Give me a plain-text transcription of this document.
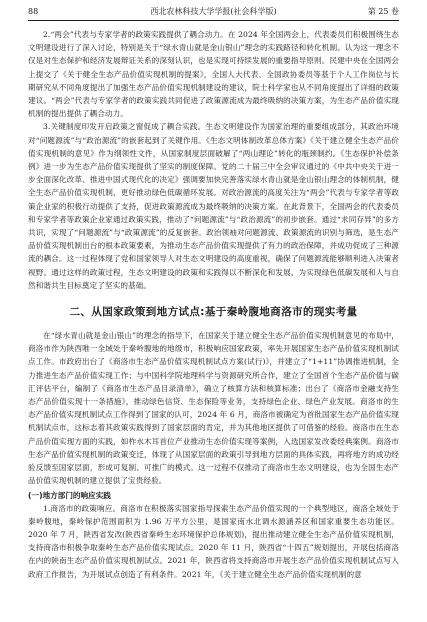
88	西北农林科技大学学报(社会科学版)	第 25 卷

2.“两会”代表与专家学者的政策实践提供了耦合动力。在 2024 年全国两会上，代表委员们积极围绕生态文明建设进行了深入讨论，特别是关于“绿水青山就是金山银山”理念的实践路径和转化机制。认为这一理念不仅是对生态保护和经济发展辩证关系的深刻认识，也是实现可持续发展的重要指导原则。民建中央在全国两会上提交了《关于健全生态产品价值实现机制的提案》，全国人大代表、全国政协委员等基于个人工作岗位与长期研究从不同角度提出了加强生态产品价值实现机制建设的建议，院士科学家也从不同角度提出了详细的政策建议。“两会”代表与专家学者的政策实践共同促进了政策源流成为最终吸纳的决策方案，为生态产品价值实现机制的提出提供了耦合动力。

3.关键制度印发开启政策之窗促成了耦合实践。生态文明建设作为国家治理的重要组成部分，其政治环境对“问题源流”与“政治源流”的嵌套起到了关键作用。《生态文明体制改革总体方案》《关于建立健全生态产品价值实现机制的意见》作为纲领性文件，从国家制度层面破解了“两山理论”转化的瓶颈制约。《生态保护补偿条例》进一步为生态产品价值实现提供了坚实的制度保障。党的二十届三中全会审议通过的《中共中央关于进一步全面深化改革、推进中国式现代化的决定》强调要加快完善落实绿水青山就是金山银山理念的体制机制，健全生态产品价值实现机制，更好推动绿色低碳循环发展。对政治源流的高度关注为“两会”代表与专家学者等政策企业家的积极行动提供了支持，促进政策源流成为最终吸纳的决策方案。在此背景下，全国两会的代表委员和专家学者等政策企业家通过政策实践，推动了“问题源流”与“政治源流”的初步嵌套。通过“求同存异”的多方共识，实现了“问题源流”与“政策源流”的反复嵌套。政治领袖对问题源流、政策源流的识别与筛选，是生态产品价值实现机制出台的根本政策要素，为推动生态产品价值实现提供了有力的政治保障，并成功促成了三种源流的耦合。这一过程体现了党和国家领导人对生态文明建设的高度重视，确保了问题源流能够顺利进入决策者视野。通过这样的政策过程，生态文明建设的政策和实践得以不断深化和发展，为实现绿色低碳发展和人与自然和谐共生目标奠定了坚实的基础。

二、从国家政策到地方试点:基于秦岭腹地商洛市的现实考量

在“绿水青山就是金山银山”的理念的指导下，在国家关于建立健全生态产品价值实现机制意见的布局中，商洛市作为陕西唯一全域处于秦岭腹地的地级市，积极响应国家政策，率先开展国家生态产品价值实现机制试点工作。市政府出台了《商洛市生态产品价值实现机制试点方案(试行)》，并建立了“1+11”协调推进机制，全力推进生态产品价值实现工作；与中国科学院地理科学与资源研究所合作，建立了全国首个生态产品价值与碳汇评估平台，编制了《商洛市生态产品目录清单》，确立了核算方法和核算标准；出台了《商洛市金融支持生态产品价值实现十一条措施》，推动绿色信贷、生态保险等业务，支持绿色企业、绿色产业发展。商洛市的生态产品价值实现机制试点工作得到了国家的认可，2024 年 6 月，商洛市被确定为首批国家生态产品价值实现机制试点市，这标志着其政策实践得到了国家层面的肯定，并为其他地区提供了可借鉴的经验。商洛市在生态产品价值实现方面的实践，如柞水木耳首位产业推动生态价值实现等案例，入选国家发改委经典案例。商洛市生态产品价值实现机制的政策变迁，体现了从国家层面的政策引导到地方层面的具体实践，再将地方的成功经验反馈至国家层面，形成可复制、可推广的模式。这一过程不仅推动了商洛市生态文明建设，也为全国生态产品价值实现机制的建立提供了宝贵经验。

(一)地方部门的响应实践

1.商洛市的政策响应。商洛市在积极落实国家指导探索生态产品价值实现的一个典型地区，商洛全域处于秦岭腹地，秦岭保护范围面积为 1.96 万平方公里，是国家南水北调水源涵养区和国家重要生态功能区。2020 年 7 月，陕西省发改(陕西省秦岭生态环境保护总体规划)，提出推动建立健全生态产品价值实现机制，支持商洛市积极争取秦岭生态产品价值实现试点。2020 年 11 月，陕西省“十四五”规划提出，开展包括商洛在内的陕南生态产品价值实现机制试点。2021 年，陕西省将支持商洛市开展生态产品价值实现机制试点写入政府工作报告，为开展试点创造了有利条件。2021 年，《关于建立健全生态产品价值实现机制的意
